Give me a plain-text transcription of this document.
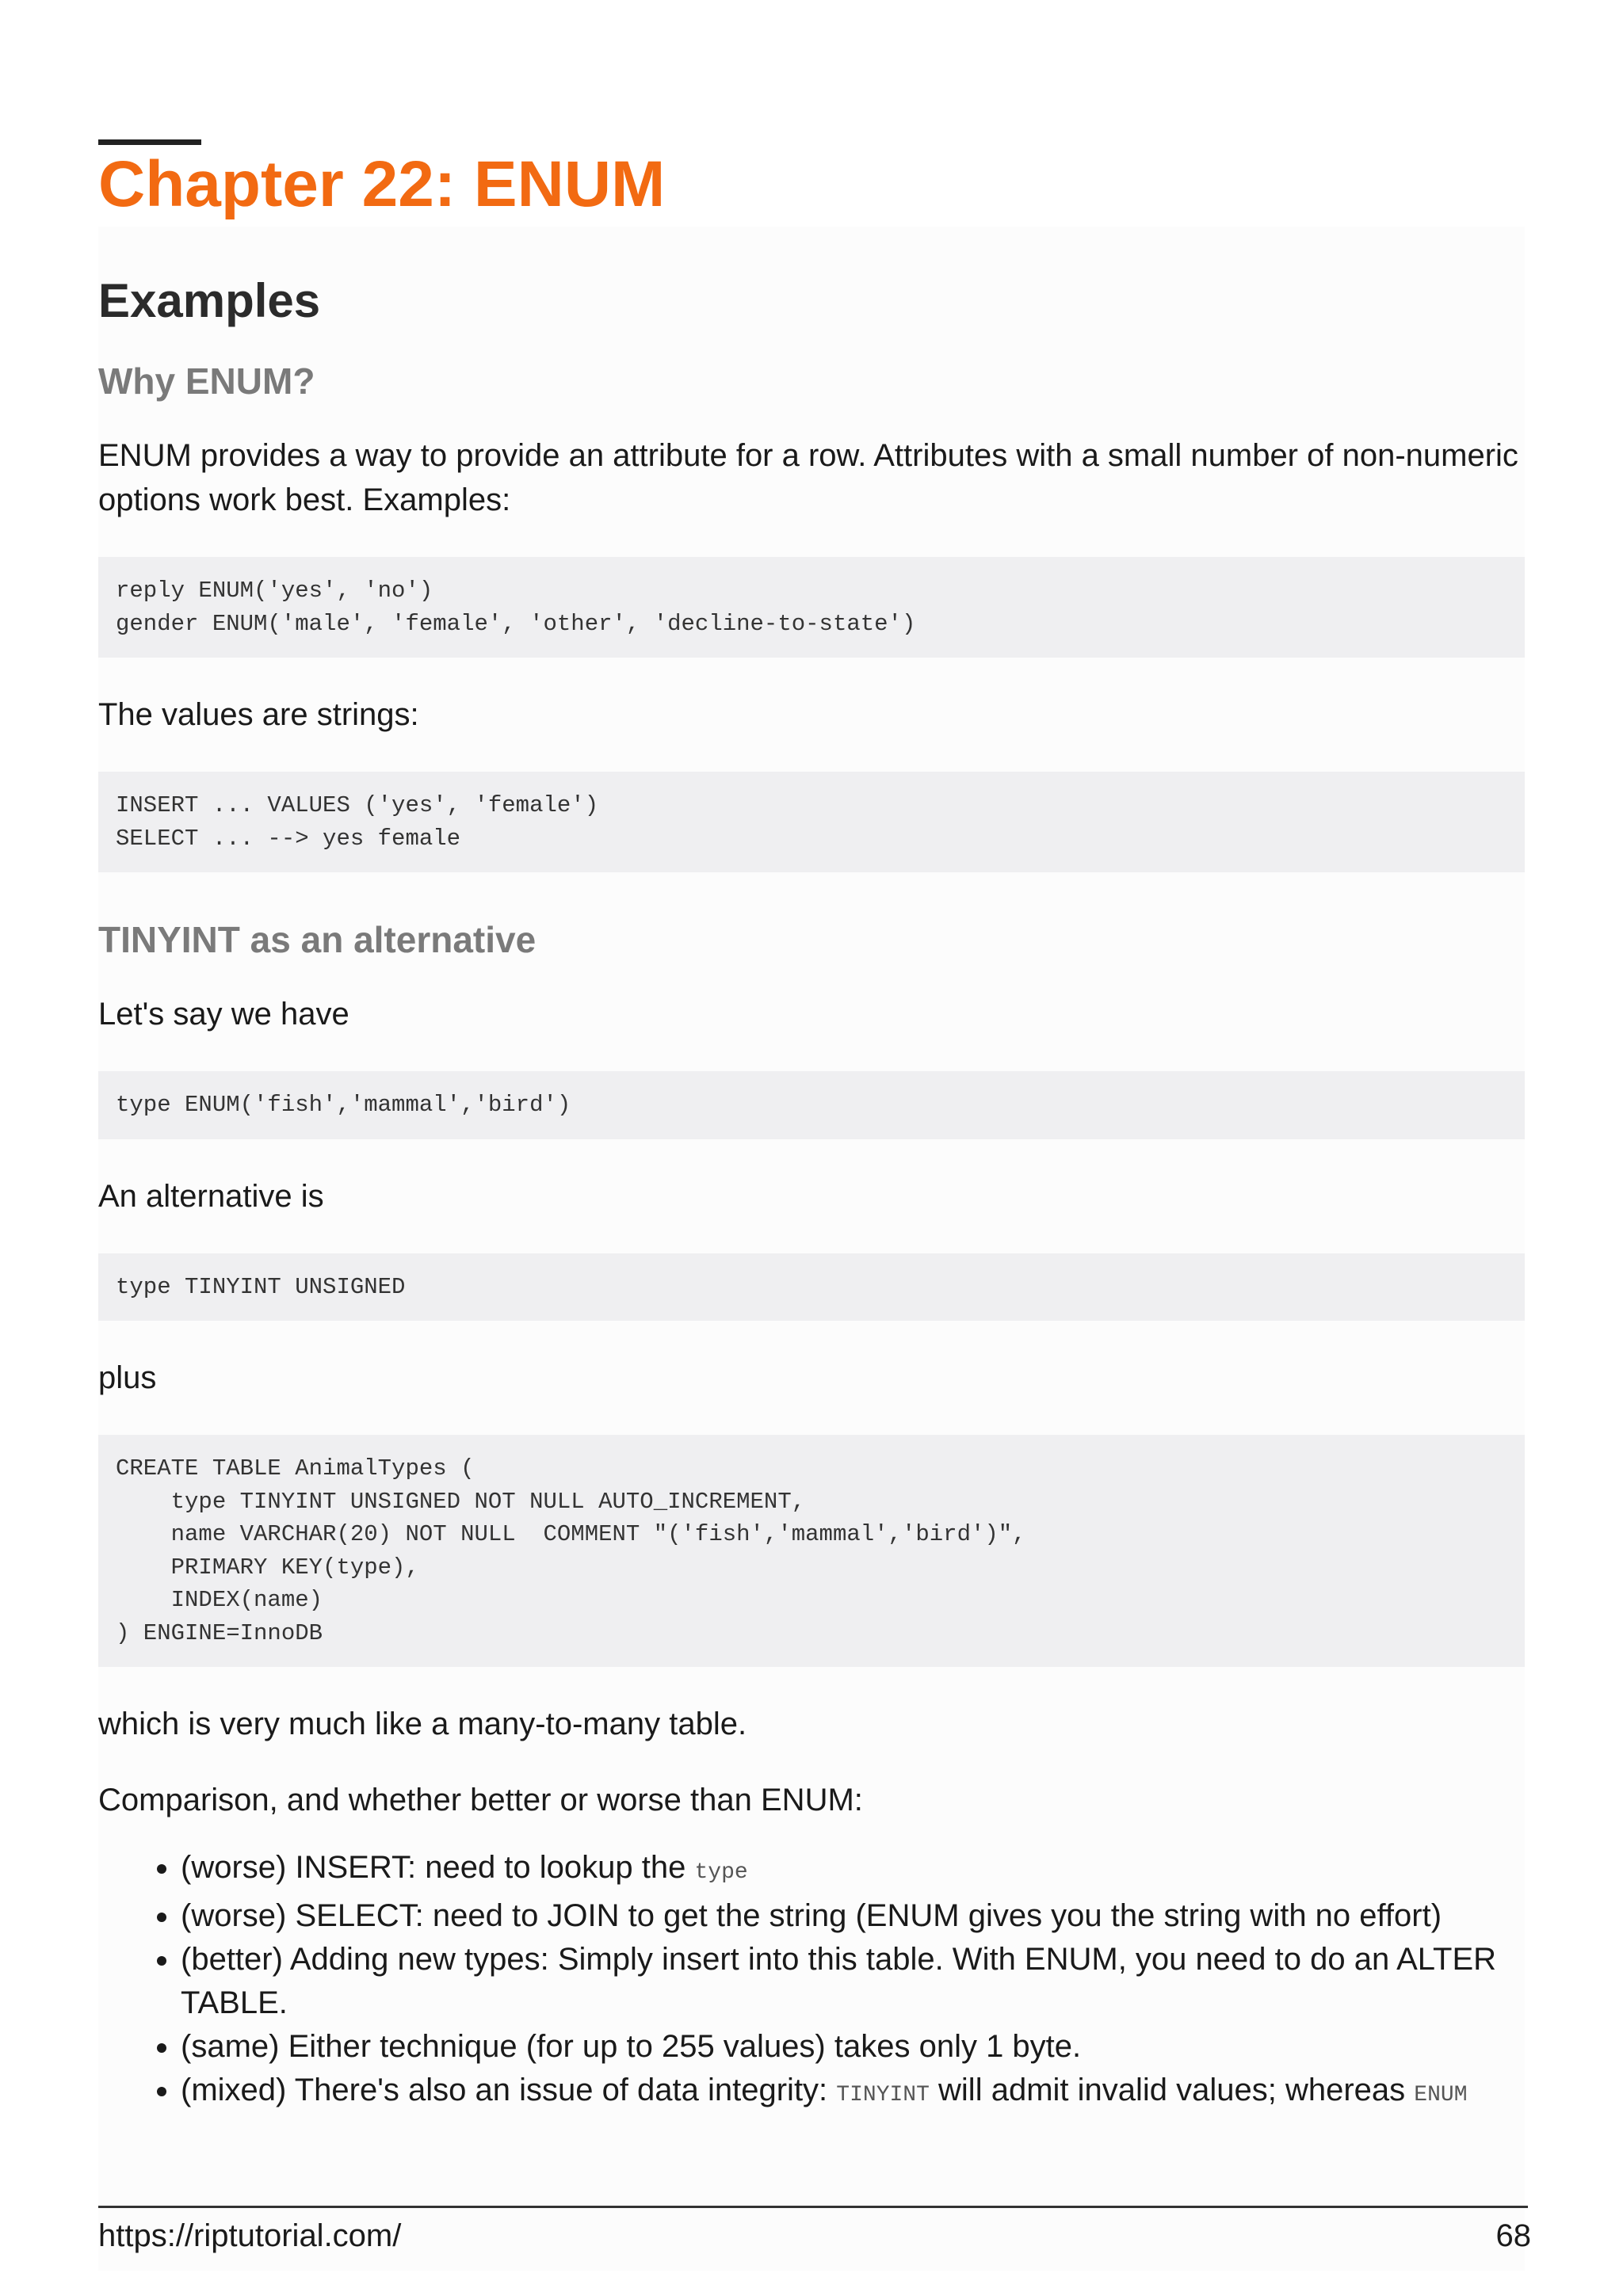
Chapter 22: ENUM
Examples
Why ENUM?

ENUM provides a way to provide an attribute for a row. Attributes with a small number of non-numeric options work best. Examples:

reply ENUM('yes', 'no')
gender ENUM('male', 'female', 'other', 'decline-to-state')

The values are strings:

INSERT ... VALUES ('yes', 'female')
SELECT ... --> yes female
TINYINT as an alternative

Let's say we have

type ENUM('fish','mammal','bird')

An alternative is

type TINYINT UNSIGNED

plus

CREATE TABLE AnimalTypes (
type TINYINT UNSIGNED NOT NULL AUTO_INCREMENT,
name VARCHAR(20) NOT NULL  COMMENT "('fish','mammal','bird')",
PRIMARY KEY(type),
INDEX(name)
) ENGINE=InnoDB

which is very much like a many-to-many table.

Comparison, and whether better or worse than ENUM:

• (worse) INSERT: need to lookup the type
• (worse) SELECT: need to JOIN to get the string (ENUM gives you the string with no effort)
• (better) Adding new types: Simply insert into this table. With ENUM, you need to do an ALTER TABLE.
• (same) Either technique (for up to 255 values) takes only 1 byte.
• (mixed) There's also an issue of data integrity: TINYINT will admit invalid values; whereas ENUM
https://riptutorial.com/	68
